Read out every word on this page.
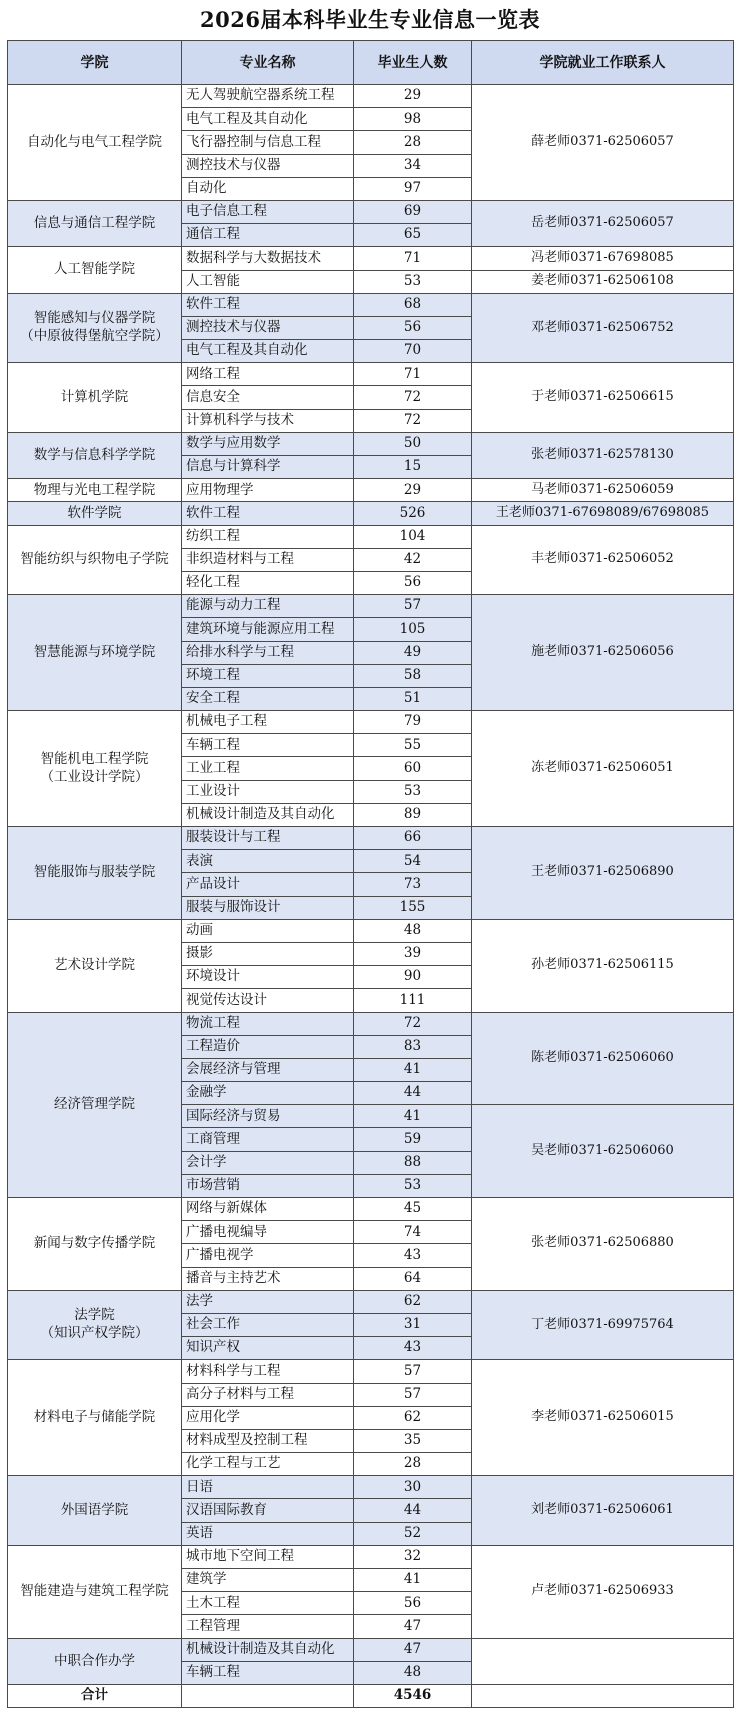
2026届本科毕业生专业信息一览表
学院	专业名称	毕业生人数	学院就业工作联系人
自动化与电气工程学院	无人驾驶航空器系统工程	29	薛老师0371-62506057
	电气工程及其自动化	98	
	飞行器控制与信息工程	28	
	测控技术与仪器	34	
	自动化	97	
信息与通信工程学院	电子信息工程	69	岳老师0371-62506057
	通信工程	65	
人工智能学院	数据科学与大数据技术	71	冯老师0371-67698085
	人工智能	53	姜老师0371-62506108
智能感知与仪器学院
（中原彼得堡航空学院）	软件工程	68	邓老师0371-62506752
	测控技术与仪器	56	
	电气工程及其自动化	70	
计算机学院	网络工程	71	于老师0371-62506615
	信息安全	72	
	计算机科学与技术	72	
数学与信息科学学院	数学与应用数学	50	张老师0371-62578130
	信息与计算科学	15	
物理与光电工程学院	应用物理学	29	马老师0371-62506059
软件学院	软件工程	526	王老师0371-67698089/67698085
智能纺织与织物电子学院	纺织工程	104	丰老师0371-62506052
	非织造材料与工程	42	
	轻化工程	56	
智慧能源与环境学院	能源与动力工程	57	施老师0371-62506056
	建筑环境与能源应用工程	105	
	给排水科学与工程	49	
	环境工程	58	
	安全工程	51	
智能机电工程学院
（工业设计学院）	机械电子工程	79	冻老师0371-62506051
	车辆工程	55	
	工业工程	60	
	工业设计	53	
	机械设计制造及其自动化	89	
智能服饰与服装学院	服装设计与工程	66	王老师0371-62506890
	表演	54	
	产品设计	73	
	服装与服饰设计	155	
艺术设计学院	动画	48	孙老师0371-62506115
	摄影	39	
	环境设计	90	
	视觉传达设计	111	
经济管理学院	物流工程	72	陈老师0371-62506060
	工程造价	83	
	会展经济与管理	41	
	金融学	44	
	国际经济与贸易	41	吴老师0371-62506060
	工商管理	59	
	会计学	88	
	市场营销	53	
新闻与数字传播学院	网络与新媒体	45	张老师0371-62506880
	广播电视编导	74	
	广播电视学	43	
	播音与主持艺术	64	
法学院
（知识产权学院）	法学	62	丁老师0371-69975764
	社会工作	31	
	知识产权	43	
材料电子与储能学院	材料科学与工程	57	李老师0371-62506015
	高分子材料与工程	57	
	应用化学	62	
	材料成型及控制工程	35	
	化学工程与工艺	28	
外国语学院	日语	30	刘老师0371-62506061
	汉语国际教育	44	
	英语	52	
智能建造与建筑工程学院	城市地下空间工程	32	卢老师0371-62506933
	建筑学	41	
	土木工程	56	
	工程管理	47	
中职合作办学	机械设计制造及其自动化	47	
	车辆工程	48	
合计		4546	
